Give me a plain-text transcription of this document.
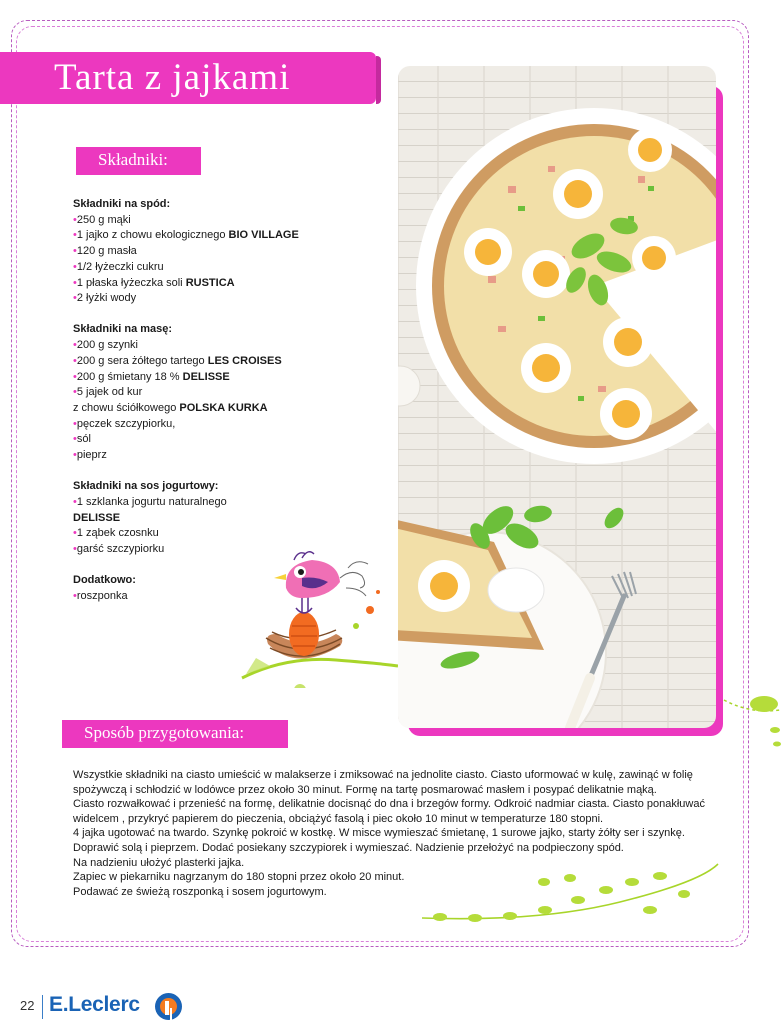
Tarta z jajkami
Składniki:
Składniki na spód:
•250 g mąki
•1 jajko z chowu ekologicznego BIO VILLAGE
•120 g masła
•1/2 łyżeczki cukru
•1 płaska łyżeczka soli RUSTICA
•2 łyżki wody
Składniki na masę:
•200 g szynki
•200 g sera żółtego tartego LES CROISES
•200 g śmietany 18 % DELISSE
•5 jajek od kur
z chowu ściółkowego POLSKA KURKA
•pęczek szczypiorku,
•sól
•pieprz
Składniki na sos jogurtowy:
•1 szklanka jogurtu naturalnego
DELISSE
•1 ząbek czosnku
•garść szczypiorku
Dodatkowo:
•roszponka
Sposób przygotowania:

Wszystkie składniki na ciasto umieścić w malakserze i zmiksować na jednolite ciasto. Ciasto uformować w kulę, zawinąć w folię

spożywczą i schłodzić w lodówce przez około 30 minut. Formę na tartę posmarować masłem i posypać delikatnie mąką.

Ciasto rozwałkować i przenieść na formę, delikatnie docisnąć do dna i brzegów formy. Odkroić nadmiar ciasta. Ciasto ponakłuwać

widelcem , przykryć papierem do pieczenia, obciążyć fasolą i piec około 10 minut w temperaturze 180 stopni.

4 jajka ugotować na twardo. Szynkę pokroić w kostkę. W misce wymieszać śmietanę, 1 surowe jajko, starty żółty ser i szynkę.

Doprawić solą i pieprzem. Dodać posiekany szczypiorek i wymieszać. Nadzienie przełożyć na podpieczony spód.

Na nadzieniu ułożyć plasterki jajka.

Zapiec w piekarniku nagrzanym do 180 stopni przez około 20 minut.

Podawać ze świeżą roszponką i sosem jogurtowym.

22 E.Leclerc
